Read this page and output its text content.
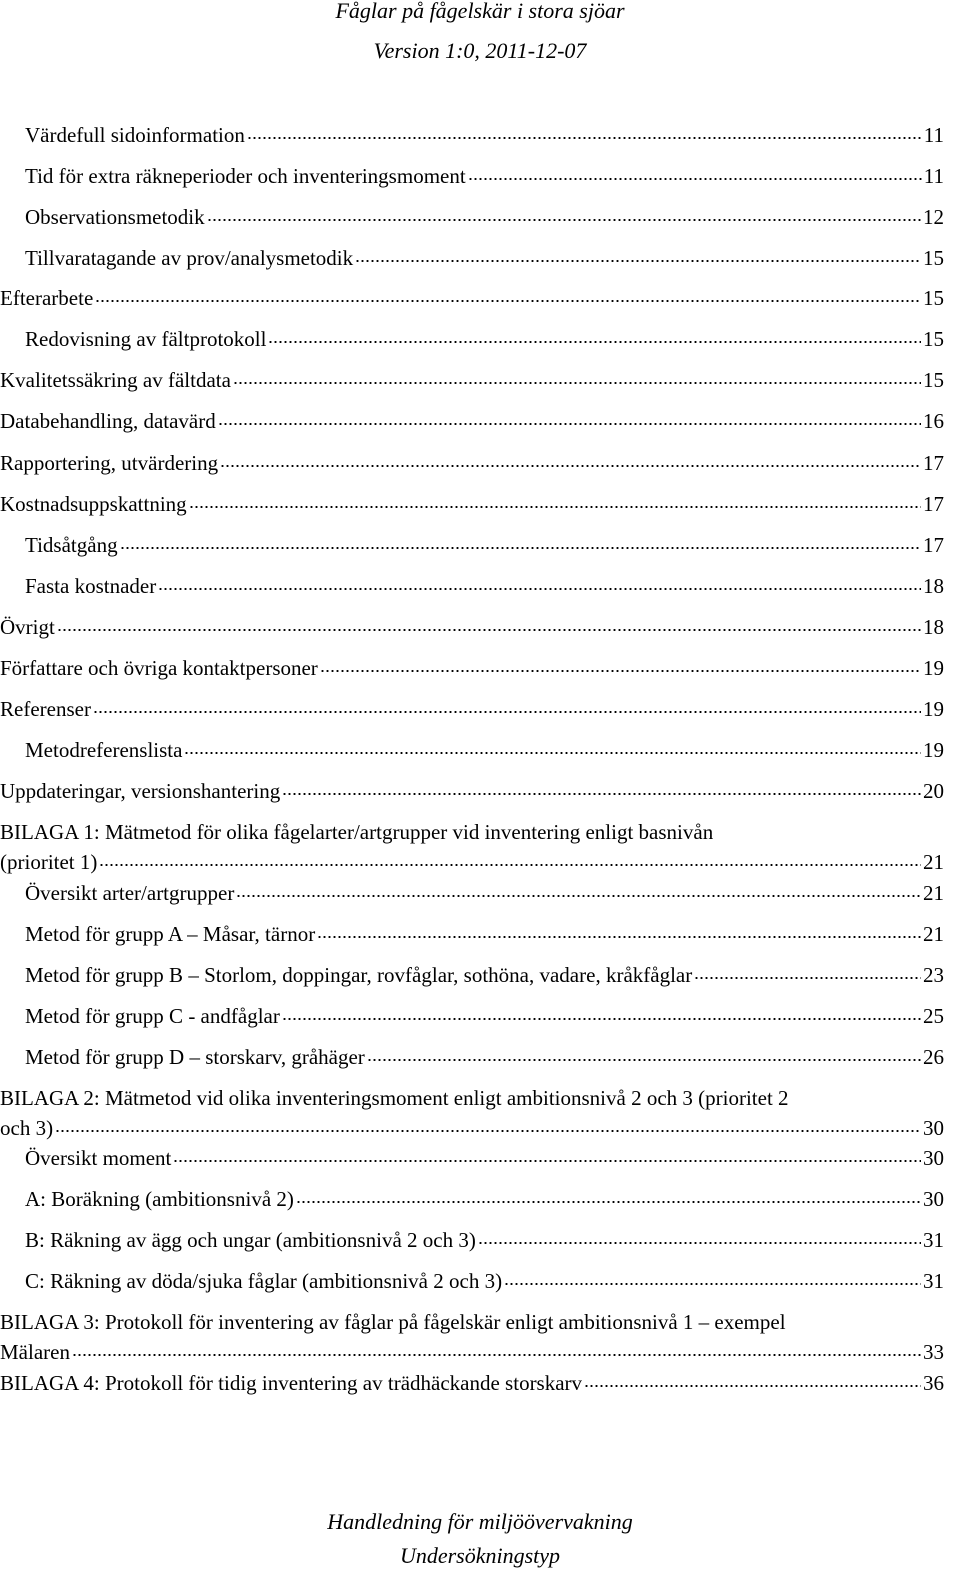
Fåglar på fågelskär i stora sjöar
Version 1:0, 2011-12-07
Värdefull sidoinformation	11
Tid för extra räkneperioder och inventeringsmoment	11
Observationsmetodik	12
Tillvaratagande av prov/analysmetodik	15
Efterarbete	15
Redovisning av fältprotokoll	15
Kvalitetssäkring av fältdata	15
Databehandling, datavärd	16
Rapportering, utvärdering	17
Kostnadsuppskattning	17
Tidsåtgång	17
Fasta kostnader	18
Övrigt	18
Författare och övriga kontaktpersoner	19
Referenser	19
Metodreferenslista	19
Uppdateringar, versionshantering	20
BILAGA 1: Mätmetod för olika fågelarter/artgrupper vid inventering enligt basnivån
(prioritet 1)	21
Översikt arter/artgrupper	21
Metod för grupp A – Måsar, tärnor	21
Metod för grupp B – Storlom, doppingar, rovfåglar, sothöna, vadare, kråkfåglar	23
Metod för grupp C - andfåglar	25
Metod för grupp D – storskarv, gråhäger	26
BILAGA 2: Mätmetod vid olika inventeringsmoment enligt ambitionsnivå 2 och 3 (prioritet 2
och 3)	30
Översikt moment	30
A: Boräkning (ambitionsnivå 2)	30
B: Räkning av ägg och ungar (ambitionsnivå 2 och 3)	31
C: Räkning av döda/sjuka fåglar (ambitionsnivå 2 och 3)	31
BILAGA 3: Protokoll för inventering av fåglar på fågelskär enligt ambitionsnivå 1 – exempel
Mälaren	33
BILAGA 4: Protokoll för tidig inventering av trädhäckande storskarv	36
Handledning för miljöövervakning
Undersökningstyp
